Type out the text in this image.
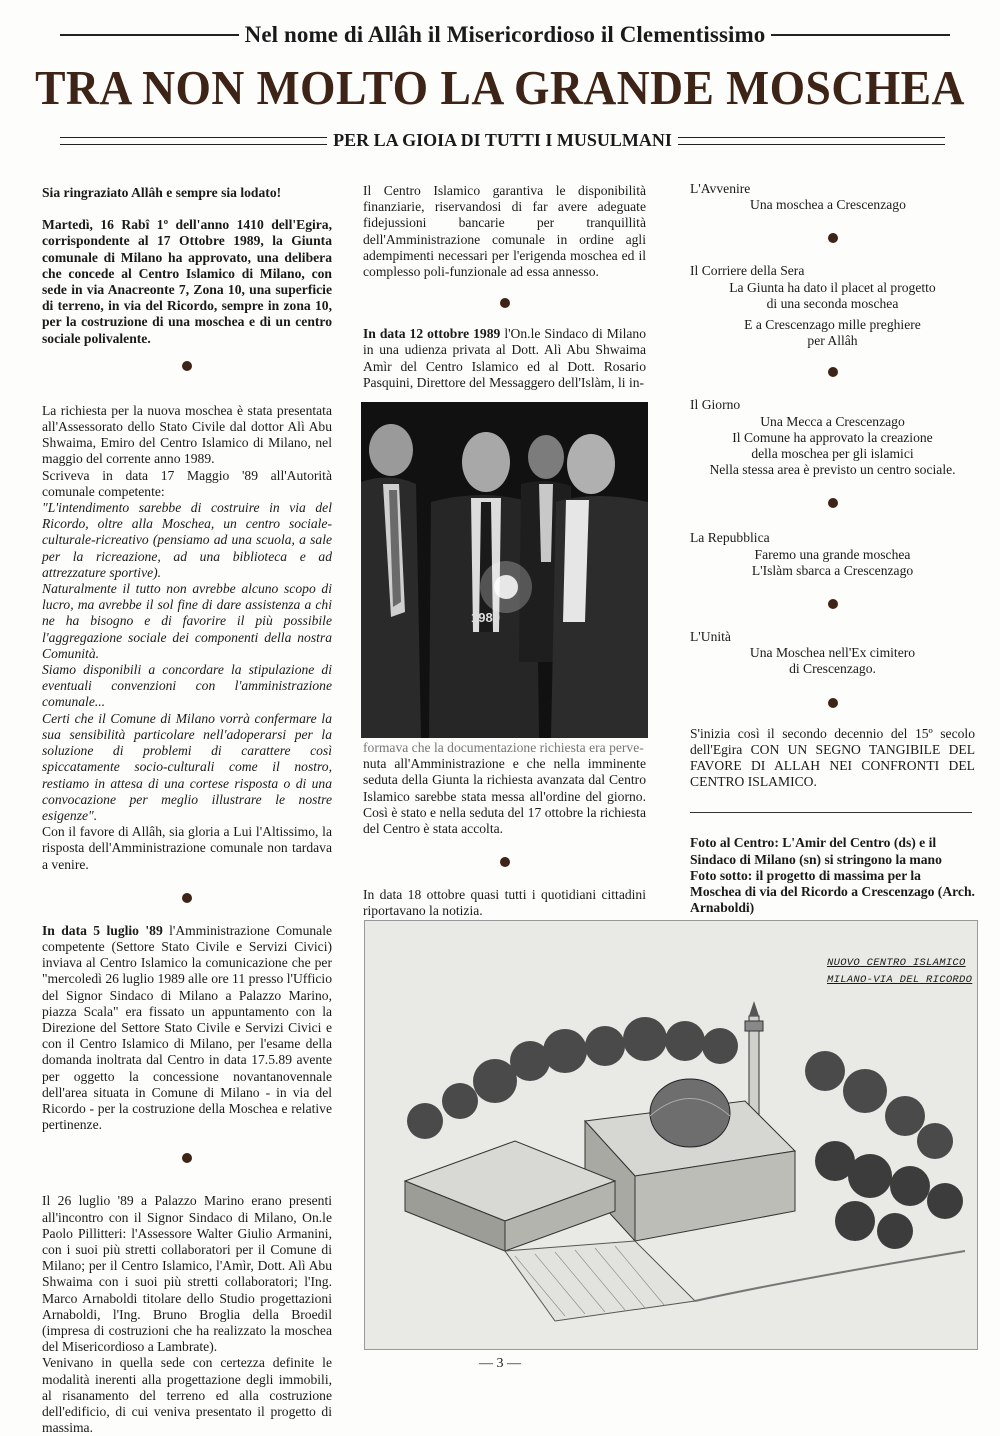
Nel nome di Allâh il Misericordioso il Clementissimo
TRA NON MOLTO LA GRANDE MOSCHEA
PER LA GIOIA DI TUTTI I MUSULMANI

Sia ringraziato Allâh e sempre sia lodato!

Martedì, 16 Rabî 1º dell'anno 1410 dell'Egira, corrispondente al 17 Ottobre 1989, la Giunta comunale di Milano ha approvato, una delibera che concede al Centro Islamico di Milano, con sede in via Anacreonte 7, Zona 10, una superficie di terreno, in via del Ricordo, sempre in zona 10, per la costruzione di una moschea e di un centro sociale polivalente.

La richiesta per la nuova moschea è stata presentata all'Assessorato dello Stato Civile dal dottor Alì Abu Shwaima, Emiro del Centro Islamico di Milano, nel maggio del corrente anno 1989.

Scriveva in data 17 Maggio '89 all'Autorità comunale competente:

"L'intendimento sarebbe di costruire in via del Ricordo, oltre alla Moschea, un centro sociale-culturale-ricreativo (pensiamo ad una scuola, a sale per la ricreazione, ad una biblioteca e ad attrezzature sportive).

Naturalmente il tutto non avrebbe alcuno scopo di lucro, ma avrebbe il sol fine di dare assistenza a chi ne ha bisogno e di favorire il più possibile l'aggregazione sociale dei componenti della nostra Comunità.

Siamo disponibili a concordare la stipulazione di eventuali convenzioni con l'amministrazione comunale...

Certi che il Comune di Milano vorrà confermare la sua sensibilità particolare nell'adoperarsi per la soluzione di problemi di carattere così spiccatamente socio-culturali come il nostro, restiamo in attesa di una cortese risposta o di una convocazione per meglio illustrare le nostre esigenze".

Con il favore di Allâh, sia gloria a Lui l'Altissimo, la risposta dell'Amministrazione comunale non tardava a venire.

In data 5 luglio '89 l'Amministrazione Comunale competente (Settore Stato Civile e Servizi Civici) inviava al Centro Islamico la comunicazione che per "mercoledì 26 luglio 1989 alle ore 11 presso l'Ufficio del Signor Sindaco di Milano a Palazzo Marino, piazza Scala" era fissato un appuntamento con la Direzione del Settore Stato Civile e Servizi Civici e con il Centro Islamico di Milano, per l'esame della domanda inoltrata dal Centro in data 17.5.89 avente per oggetto la concessione novantanovennale dell'area situata in Comune di Milano - in via del Ricordo - per la costruzione della Moschea e relative pertinenze.

Il 26 luglio '89 a Palazzo Marino erano presenti all'incontro con il Signor Sindaco di Milano, On.le Paolo Pillitteri: l'Assessore Walter Giulio Armanini, con i suoi più stretti collaboratori per il Comune di Milano; per il Centro Islamico, l'Amìr, Dott. Alì Abu Shwaima con i suoi più stretti collaboratori; l'Ing. Marco Arnaboldi titolare dello Studio progettazioni Arnaboldi, l'Ing. Bruno Broglia della Broedil (impresa di costruzioni che ha realizzato la moschea del Misericordioso a Lambrate).

Venivano in quella sede con certezza definite le modalità inerenti alla progettazione degli immobili, al risanamento del terreno ed alla costruzione dell'edificio, di cui veniva presentato il progetto di massima.

Il Centro Islamico garantiva le disponibilità finanziarie, riservandosi di far avere adeguate fidejussioni bancarie per tranquillità dell'Amministrazione comunale in ordine agli adempimenti necessari per l'erigenda moschea ed il complesso poli-funzionale ad essa annesso.

In data 12 ottobre 1989 l'On.le Sindaco di Milano in una udienza privata al Dott. Alì Abu Shwaima Amìr del Centro Islamico ed al Dott. Rosario Pasquini, Direttore del Messaggero dell'Islàm, li in-

1989

formava che la documentazione richiesta era perve-

nuta all'Amministrazione e che nella imminente seduta della Giunta la richiesta avanzata dal Centro Islamico sarebbe stata messa all'ordine del giorno. Così è stato e nella seduta del 17 ottobre la richiesta del Centro è stata accolta.

In data 18 ottobre quasi tutti i quotidiani cittadini riportavano la notizia.

L'Avvenire

Una moschea a Crescenzago

Il Corriere della Sera

La Giunta ha dato il placet al progetto

di una seconda moschea

E a Crescenzago mille preghiere

per Allâh

Il Giorno

Una Mecca a Crescenzago

Il Comune ha approvato la creazione

della moschea per gli islamici

Nella stessa area è previsto un centro sociale.

La Repubblica

Faremo una grande moschea

L'Islàm sbarca a Crescenzago

L'Unità

Una Moschea nell'Ex cimitero

di Crescenzago.

S'inizia così il secondo decennio del 15º secolo dell'Egira CON UN SEGNO TANGIBILE DEL FAVORE DI ALLAH NEI CONFRONTI DEL CENTRO ISLAMICO.

Foto al Centro: L'Amir del Centro (ds) e il Sindaco di Milano (sn) si stringono la mano

Foto sotto: il progetto di massima per la Moschea di via del Ricordo a Crescenzago (Arch. Arnaboldi)

NUOVO CENTRO ISLAMICO
MILANO-VIA DEL RICORDO
— 3 —
